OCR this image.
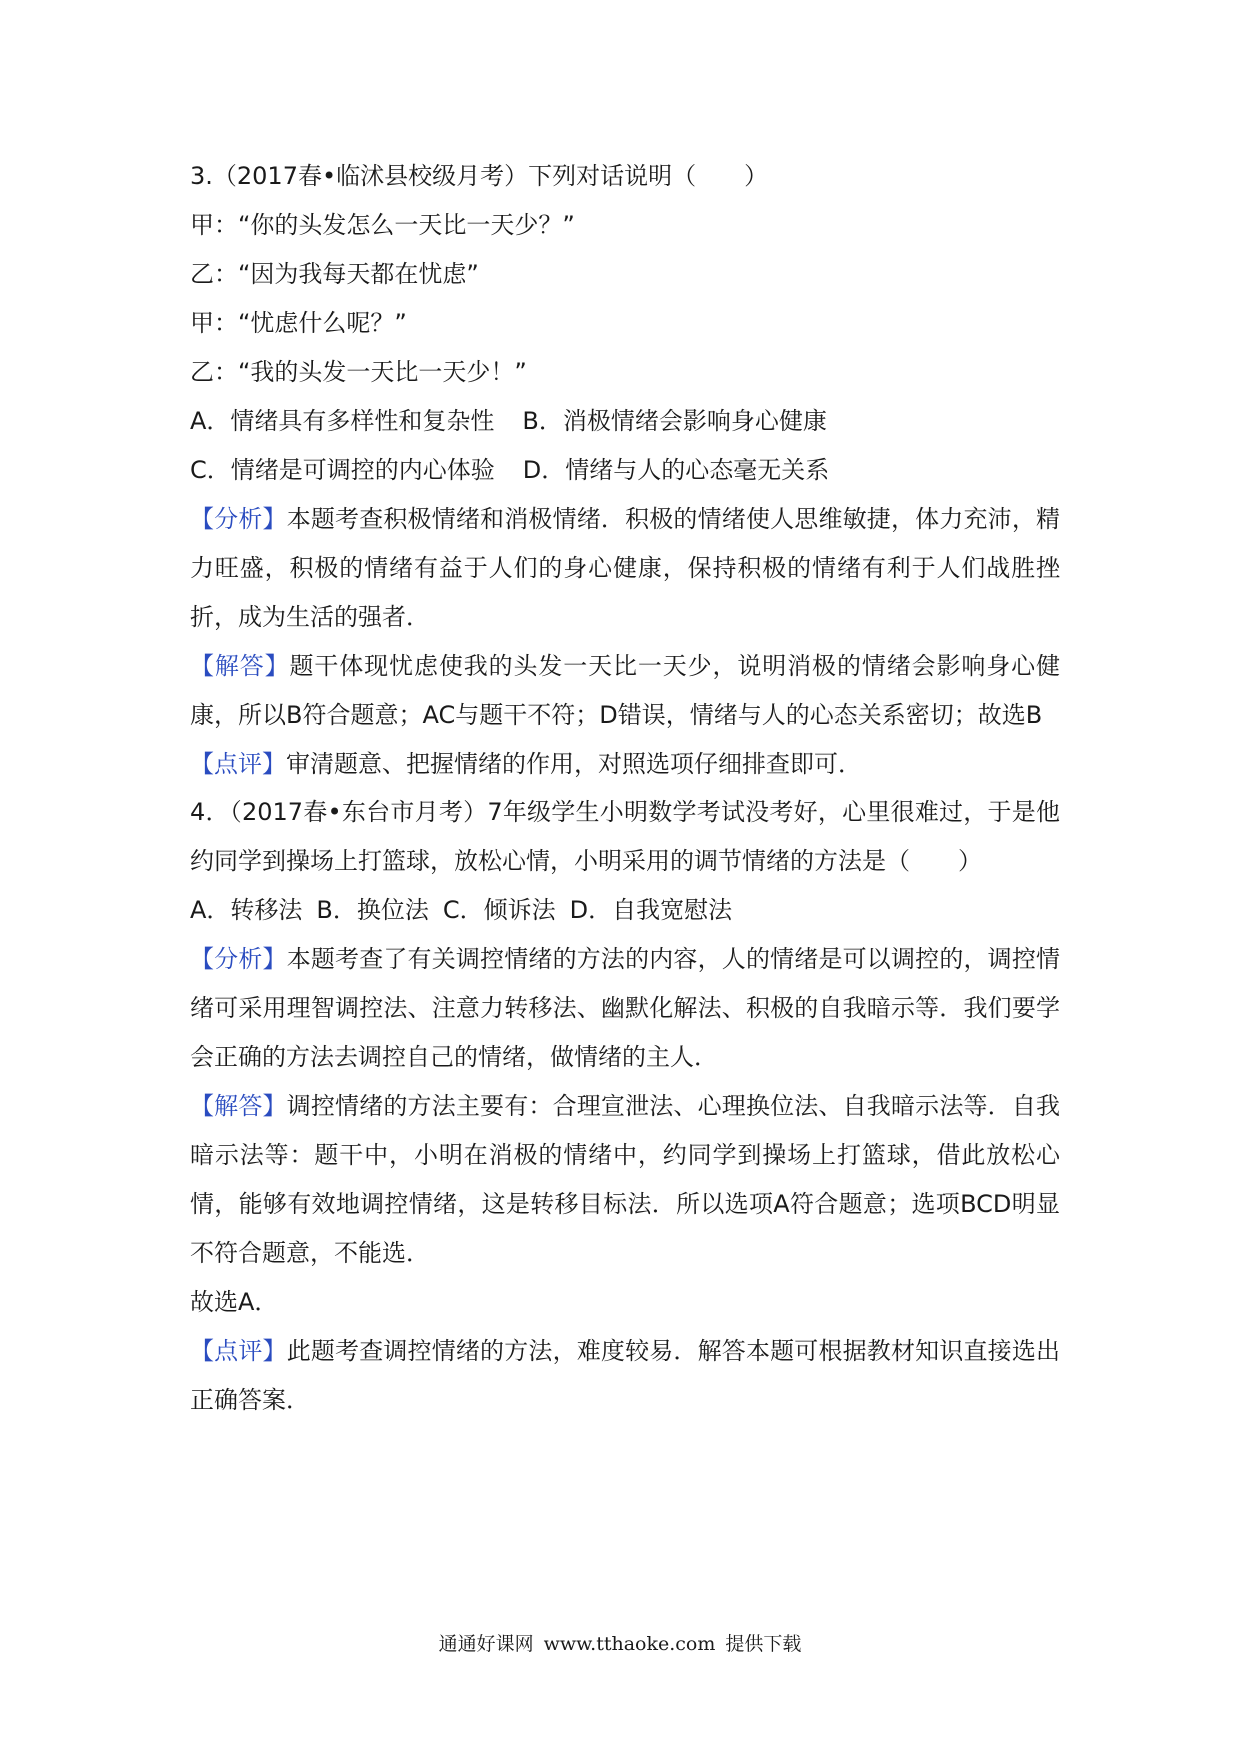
3.（2017春•临沭县校级月考）下列对话说明（　　）

甲：“你的头发怎么一天比一天少？”

乙：“因为我每天都在忧虑”

甲：“忧虑什么呢？”

乙：“我的头发一天比一天少！”

A．情绪具有多样性和复杂性 B．消极情绪会影响身心健康

C．情绪是可调控的内心体验 D．情绪与人的心态毫无关系

【分析】本题考查积极情绪和消极情绪．积极的情绪使人思维敏捷，体力充沛，精力旺盛，积极的情绪有益于人们的身心健康，保持积极的情绪有利于人们战胜挫折，成为生活的强者．

【解答】题干体现忧虑使我的头发一天比一天少，说明消极的情绪会影响身心健康，所以B符合题意；AC与题干不符；D错误，情绪与人的心态关系密切；故选B

【点评】审清题意、把握情绪的作用，对照选项仔细排查即可．

4．（2017春•东台市月考）7年级学生小明数学考试没考好，心里很难过，于是他约同学到操场上打篮球，放松心情，小明采用的调节情绪的方法是（　　）

A．转移法 B．换位法 C．倾诉法 D．自我宽慰法

【分析】本题考查了有关调控情绪的方法的内容，人的情绪是可以调控的，调控情绪可采用理智调控法、注意力转移法、幽默化解法、积极的自我暗示等．我们要学会正确的方法去调控自己的情绪，做情绪的主人．

【解答】调控情绪的方法主要有：合理宣泄法、心理换位法、自我暗示法等．自我暗示法等：题干中，小明在消极的情绪中，约同学到操场上打篮球，借此放松心情，能够有效地调控情绪，这是转移目标法．所以选项A符合题意；选项BCD明显不符合题意，不能选．

故选A．

【点评】此题考查调控情绪的方法，难度较易．解答本题可根据教材知识直接选出正确答案．

通通好课网 www.tthaoke.com 提供下载
